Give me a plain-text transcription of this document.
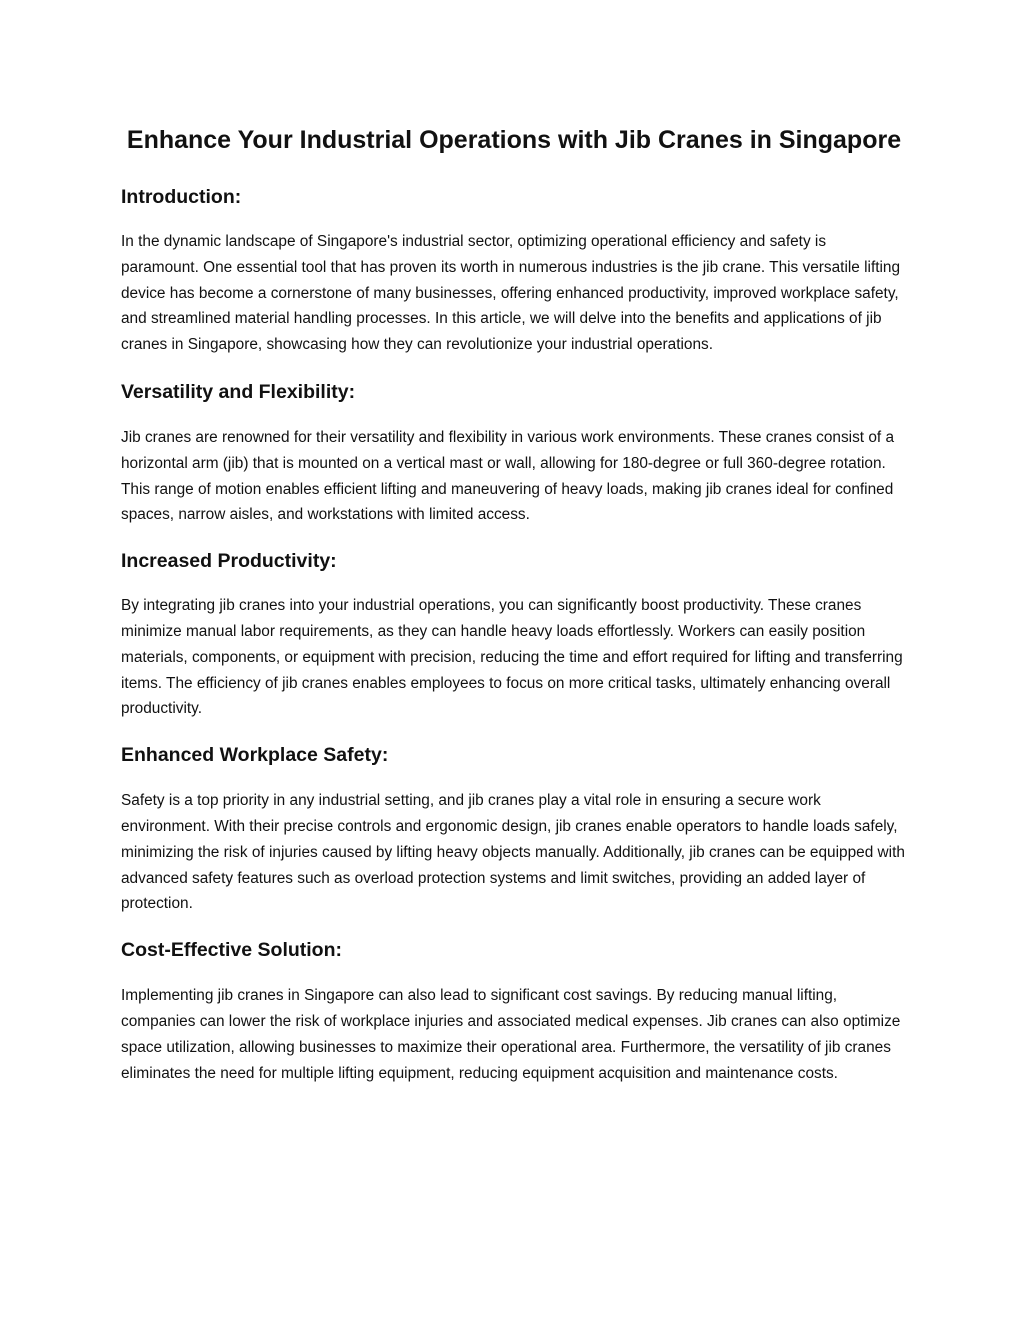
Enhance Your Industrial Operations with Jib Cranes in Singapore
Introduction:

In the dynamic landscape of Singapore's industrial sector, optimizing operational efficiency and safety is paramount. One essential tool that has proven its worth in numerous industries is the jib crane. This versatile lifting device has become a cornerstone of many businesses, offering enhanced productivity, improved workplace safety, and streamlined material handling processes. In this article, we will delve into the benefits and applications of jib cranes in Singapore, showcasing how they can revolutionize your industrial operations.

Versatility and Flexibility:

Jib cranes are renowned for their versatility and flexibility in various work environments. These cranes consist of a horizontal arm (jib) that is mounted on a vertical mast or wall, allowing for 180-degree or full 360-degree rotation. This range of motion enables efficient lifting and maneuvering of heavy loads, making jib cranes ideal for confined spaces, narrow aisles, and workstations with limited access.

Increased Productivity:

By integrating jib cranes into your industrial operations, you can significantly boost productivity. These cranes minimize manual labor requirements, as they can handle heavy loads effortlessly. Workers can easily position materials, components, or equipment with precision, reducing the time and effort required for lifting and transferring items. The efficiency of jib cranes enables employees to focus on more critical tasks, ultimately enhancing overall productivity.

Enhanced Workplace Safety:

Safety is a top priority in any industrial setting, and jib cranes play a vital role in ensuring a secure work environment. With their precise controls and ergonomic design, jib cranes enable operators to handle loads safely, minimizing the risk of injuries caused by lifting heavy objects manually. Additionally, jib cranes can be equipped with advanced safety features such as overload protection systems and limit switches, providing an added layer of protection.

Cost-Effective Solution:

Implementing jib cranes in Singapore can also lead to significant cost savings. By reducing manual lifting, companies can lower the risk of workplace injuries and associated medical expenses. Jib cranes can also optimize space utilization, allowing businesses to maximize their operational area. Furthermore, the versatility of jib cranes eliminates the need for multiple lifting equipment, reducing equipment acquisition and maintenance costs.
